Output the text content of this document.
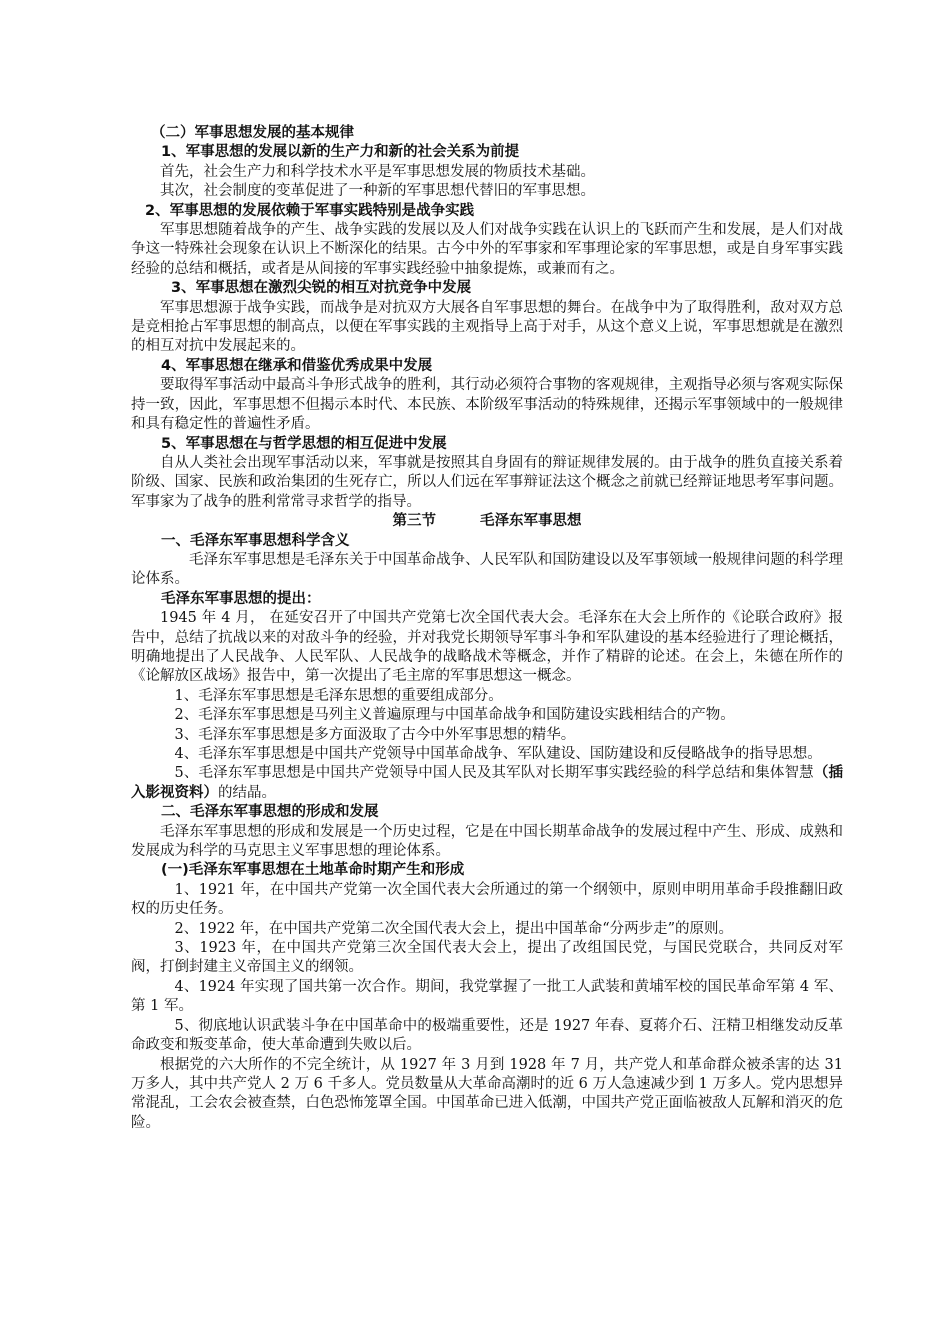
（二）军事思想发展的基本规律

1、军事思想的发展以新的生产力和新的社会关系为前提

首先，社会生产力和科学技术水平是军事思想发展的物质技术基础。

其次，社会制度的变革促进了一种新的军事思想代替旧的军事思想。

2、军事思想的发展依赖于军事实践特别是战争实践

军事思想随着战争的产生、战争实践的发展以及人们对战争实践在认识上的飞跃而产生和发展，是人们对战争这一特殊社会现象在认识上不断深化的结果。古今中外的军事家和军事理论家的军事思想，或是自身军事实践经验的总结和概括，或者是从间接的军事实践经验中抽象提炼，或兼而有之。

3、军事思想在激烈尖锐的相互对抗竞争中发展

军事思想源于战争实践，而战争是对抗双方大展各自军事思想的舞台。在战争中为了取得胜利，敌对双方总是竞相抢占军事思想的制高点，以便在军事实践的主观指导上高于对手，从这个意义上说，军事思想就是在激烈的相互对抗中发展起来的。

4、军事思想在继承和借鉴优秀成果中发展

要取得军事活动中最高斗争形式战争的胜利，其行动必须符合事物的客观规律，主观指导必须与客观实际保持一致，因此，军事思想不但揭示本时代、本民族、本阶级军事活动的特殊规律，还揭示军事领域中的一般规律和具有稳定性的普遍性矛盾。

5、军事思想在与哲学思想的相互促进中发展

自从人类社会出现军事活动以来，军事就是按照其自身固有的辩证规律发展的。由于战争的胜负直接关系着阶级、国家、民族和政治集团的生死存亡，所以人们远在军事辩证法这个概念之前就已经辩证地思考军事问题。军事家为了战争的胜利常常寻求哲学的指导。

第三节	毛泽东军事思想

一、毛泽东军事思想科学含义

毛泽东军事思想是毛泽东关于中国革命战争、人民军队和国防建设以及军事领域一般规律问题的科学理论体系。

毛泽东军事思想的提出：

1945 年 4 月， 在延安召开了中国共产党第七次全国代表大会。毛泽东在大会上所作的《论联合政府》报告中，总结了抗战以来的对敌斗争的经验，并对我党长期领导军事斗争和军队建设的基本经验进行了理论概括，明确地提出了人民战争、人民军队、人民战争的战略战术等概念，并作了精辟的论述。在会上，朱德在所作的《论解放区战场》报告中，第一次提出了毛主席的军事思想这一概念。

1、毛泽东军事思想是毛泽东思想的重要组成部分。

2、毛泽东军事思想是马列主义普遍原理与中国革命战争和国防建设实践相结合的产物。

3、毛泽东军事思想是多方面汲取了古今中外军事思想的精华。

4、毛泽东军事思想是中国共产党领导中国革命战争、军队建设、国防建设和反侵略战争的指导思想。

5、毛泽东军事思想是中国共产党领导中国人民及其军队对长期军事实践经验的科学总结和集体智慧（插入影视资料）的结晶。

二、毛泽东军事思想的形成和发展

毛泽东军事思想的形成和发展是一个历史过程，它是在中国长期革命战争的发展过程中产生、形成、成熟和发展成为科学的马克思主义军事思想的理论体系。

(一)毛泽东军事思想在土地革命时期产生和形成

1、1921 年，在中国共产党第一次全国代表大会所通过的第一个纲领中，原则申明用革命手段推翻旧政权的历史任务。

2、1922 年，在中国共产党第二次全国代表大会上，提出中国革命“分两步走”的原则。

3、1923 年，在中国共产党第三次全国代表大会上，提出了改组国民党，与国民党联合，共同反对军阀，打倒封建主义帝国主义的纲领。

4、1924 年实现了国共第一次合作。期间，我党掌握了一批工人武装和黄埔军校的国民革命军第 4 军、第 1 军。

5、彻底地认识武装斗争在中国革命中的极端重要性，还是 1927 年春、夏蒋介石、汪精卫相继发动反革命政变和叛变革命，使大革命遭到失败以后。

根据党的六大所作的不完全统计，从 1927 年 3 月到 1928 年 7 月，共产党人和革命群众被杀害的达 31 万多人，其中共产党人 2 万 6 千多人。党员数量从大革命高潮时的近 6 万人急速减少到 1 万多人。党内思想异常混乱，工会农会被查禁，白色恐怖笼罩全国。中国革命已进入低潮，中国共产党正面临被敌人瓦解和消灭的危险。
